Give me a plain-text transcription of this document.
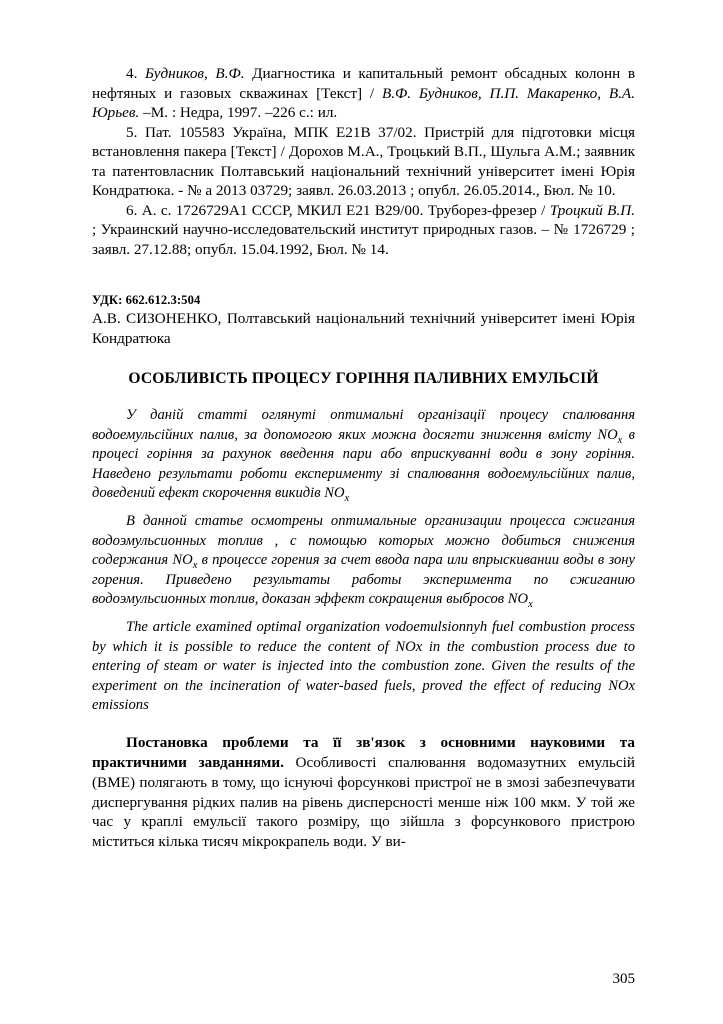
4. Будников, В.Ф. Диагностика и капитальный ремонт обсадных колонн в нефтяных и газовых скважинах [Текст] / В.Ф. Будников, П.П. Макаренко, В.А. Юрьев. –М. : Недра, 1997. –226 с.: ил.

5. Пат. 105583 Україна, МПК Е21В 37/02. Пристрій для підготовки місця встановлення пакера [Текст] / Дорохов М.А., Троцький В.П., Шульга А.М.; заявник та патентовласник Полтавський національний технічний університет імені Юрія Кондратюка. - № а 2013 03729; заявл. 26.03.2013 ; опубл. 26.05.2014., Бюл. № 10.

6. А. с. 1726729А1 СССР, МКИЛ Е21 В29/00. Труборез-фрезер / Троцкий В.П. ; Украинский научно-исследовательский институт природных газов. – № 1726729 ; заявл. 27.12.88; опубл. 15.04.1992, Бюл. № 14.

УДК: 662.612.3:504
А.В. СИЗОНЕНКО, Полтавський національний технічний університет імені Юрія Кондратюка
ОСОБЛИВІСТЬ ПРОЦЕСУ ГОРІННЯ ПАЛИВНИХ ЕМУЛЬСІЙ

У даній статті оглянуті оптимальні організації процесу спалювання водоемульсійних палив, за допомогою яких можна досягти зниження вмісту $NO_x$ в процесі горіння за рахунок введення пари або вприскуванні води в зону горіння. Наведено результати роботи експерименту зі спалювання водоемульсійних палив, доведений ефект скорочення викидів $NO_x$

В данной статье осмотрены оптимальные организации процесса сжигания водоэмульсионных топлив , с помощью которых можно добиться снижения содержания $NO_x$ в процессе горения за счет ввода пара или впрыскивании воды в зону горения. Приведено результаты работы эксперимента по сжиганию водоэмульсионных топлив, доказан эффект сокращения выбросов $NO_x$

The article examined optimal organization vodoemulsionnyh fuel combustion process by which it is possible to reduce the content of NOx in the combustion process due to entering of steam or water is injected into the combustion zone. Given the results of the experiment on the incineration of water-based fuels, proved the effect of reducing NOx emissions

Постановка проблеми та її зв'язок з основними науковими та практичними завданнями. Особливості спалювання водомазутних емульсій (ВМЕ) полягають в тому, що існуючі форсункові пристрої не в змозі забезпечувати диспергування рідких палив на рівень дисперсності менше ніж 100 мкм. У той же час у краплі емульсії такого розміру, що зійшла з форсункового пристрою міститься кілька тисяч мікрокрапель води. У ви-

305
